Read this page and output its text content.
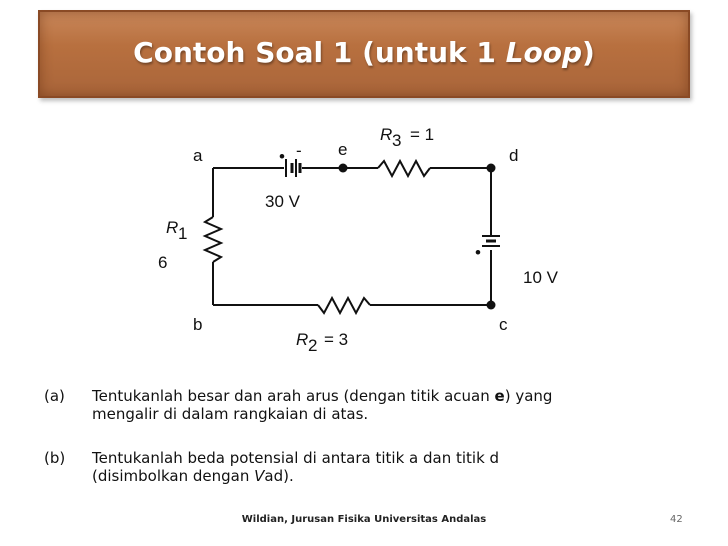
Contoh Soal 1 (untuk 1 Loop)
a
b	c
d
e
• -
30 V
•
10 V
R 1
6
R 2 = 3
R 3 = 1
(a) Tentukanlah besar dan arah arus (dengan titik acuan e) yang
mengalir di dalam rangkaian di atas.
(b) Tentukanlah beda potensial di antara titik a dan titik d
(disimbolkan dengan Vad).
Wildian, Jurusan Fisika Universitas Andalas	42
